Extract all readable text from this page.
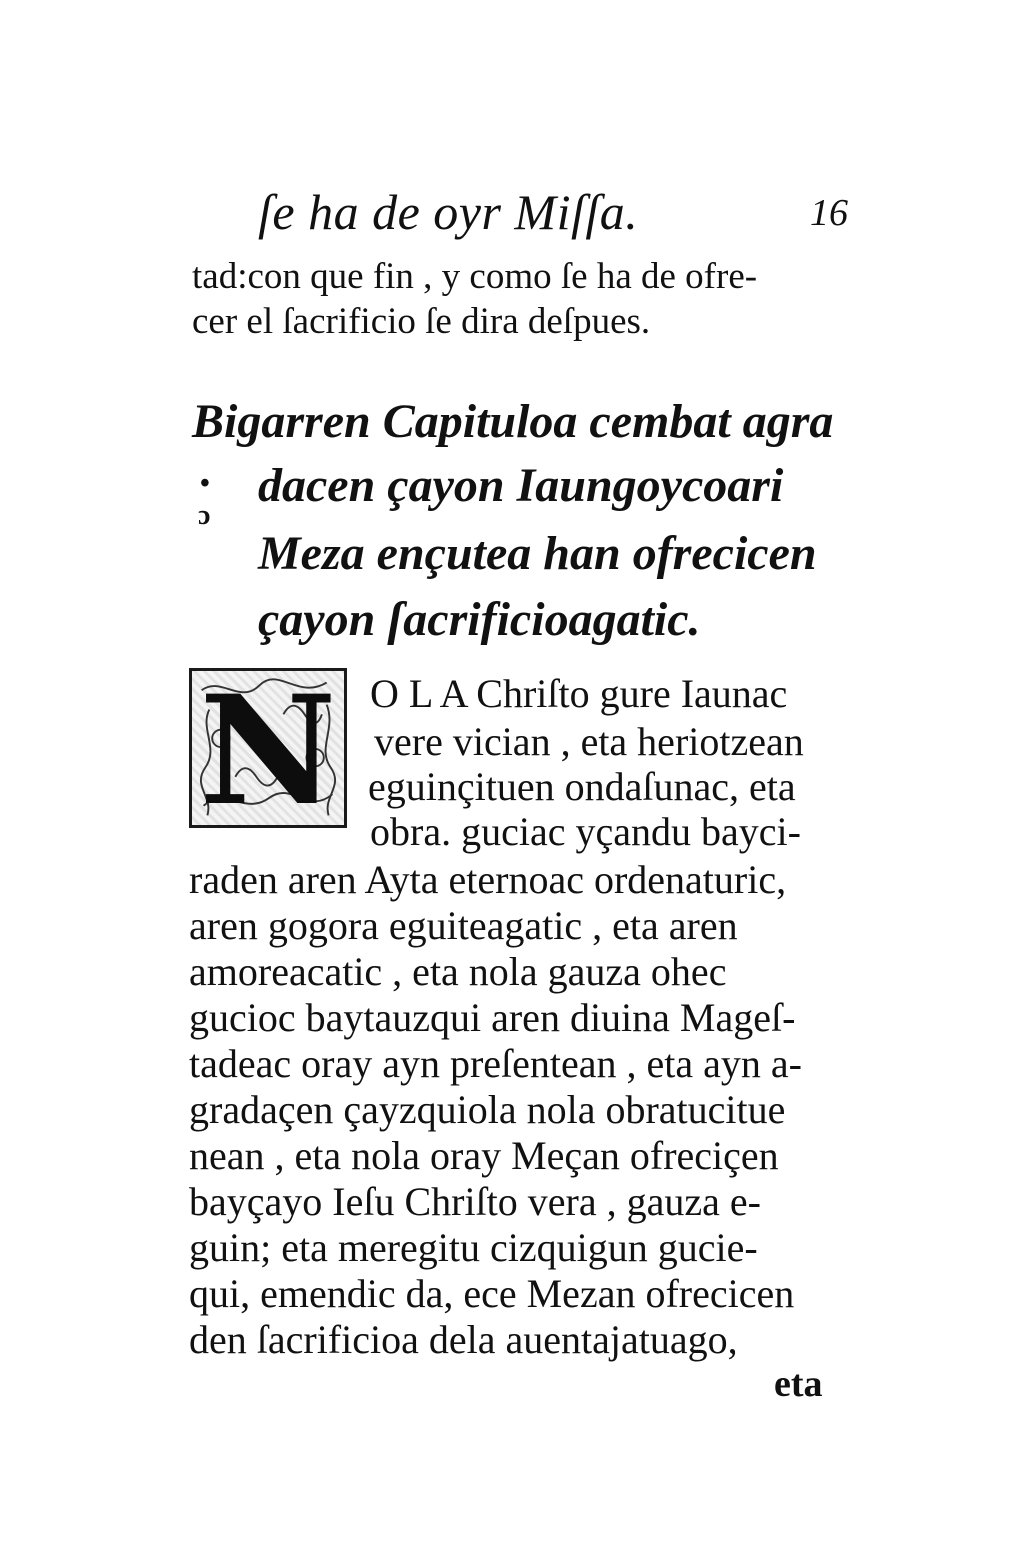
ſe ha de oyr Miſſa.	16
tad:con que fin , y como ſe ha de ofre-
cer el ſacrificio ſe dira deſpues.
Bigarren Capituloa cembat agra
dacen çayon Iaungoycoari
Meza ençutea han ofrecicen
çayon ſacrificioagatic.
•
ɔ
N O L A Chriſto gure Iaunac
vere vician , eta heriotzean
eguinçituen ondaſunac, eta
obra. guciac yçandu bayci-
raden aren Ayta eternoac ordenaturic,
aren gogora eguiteagatic , eta aren
amoreacatic , eta nola gauza ohec
gucioc baytauzqui aren diuina Mageſ-
tadeac oray ayn preſentean , eta ayn a-
gradaçen çayzquiola nola obratucitue
nean , eta nola oray Meçan ofreciçen
bayçayo Ieſu Chriſto vera , gauza e-
guin; eta meregitu cizquigun gucie-
qui, emendic da, ece Mezan ofrecicen
den ſacrificioa dela auentajatuago,
eta
